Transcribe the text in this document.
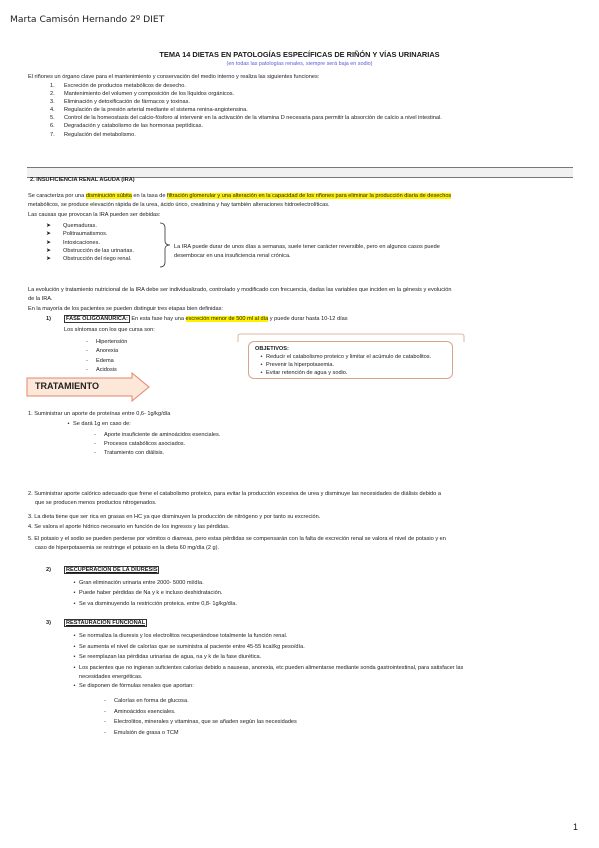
Marta Camisón Hernando 2º DIET
TEMA 14 DIETAS EN PATOLOGÍAS ESPECÍFICAS DE RIÑÓN Y VÍAS URINARIAS
(en todas las patologías renales, siempre será baja en sodio)
El riñones un órgano clave para el mantenimiento y conservación del medio interno y realiza las siguientes funciones:
1. Excreción de productos metabólicos de desecho.
2. Mantenimiento del volumen y composición de los líquidos orgánicos.
3. Eliminación y detoxificación de fármacos y toxinas.
4. Regulación de la presión arterial mediante el sistema renina-angiotensina.
5. Control de la homeostasis del calcio-fósforo al intervenir en la activación de la vitamina D necesaria para permitir la absorción de calcio a nivel intestinal.
6. Degradación y catabolismo de las hormonas peptídicas.
7. Regulación del metabolismo.
2. INSUFICIENCIA RENAL AGUDA (IRA)
Se caracteriza por una disminución súbita en la tasa de filtración glomerular y una alteración en la capacidad de los riñones para eliminar la producción diaria de desechos
metabólicos, se produce elevación rápida de la urea, ácido úrico, creatinina y hay también alteraciones hidroelectrolíticas.
Las causas que provocan la IRA pueden ser debidas:
➤ Quemaduras.
➤ Politraumatismos.
➤ Intoxicaciones.
➤ Obstrucción de las urinarias.
➤ Obstrucción del riego renal.
La IRA puede durar de unos días a semanas, suele tener carácter reversible, pero en algunos casos puede
desembocar en una insuficiencia renal crónica.
La evolución y tratamiento nutricional de la IRA debe ser individualizado, controlado y modificado con frecuencia, dadas las variables que inciden en la génesis y evolución
de la IRA.
En la mayoría de los pacientes se pueden distinguir tres etapas bien definidas:
1)	FASE OLIGOANÚRICA: En esta fase hay una excreción menor de 500 ml al día y puede durar hasta 10-12 días
Los síntomas con los que cursa son:
- Hipertensión
- Anorexia
- Edema
- Acidosis
OBJETIVOS:
• Reducir el catabolismo proteico y limitar el acúmulo de catabolitos.
• Prevenir la hiperpotasemia.
• Evitar retención de agua y sodio.
TRATAMIENTO
1. Suministrar un aporte de proteínas entre 0,6- 1g/kg/día
• Se dará 1g en caso de:
- Aporte insuficiente de aminoácidos esenciales.
- Procesos catabólicos asociados.
- Tratamiento con diálisis.
2. Suministrar aporte calórico adecuado que frene el catabolismo proteico, para evitar la producción excesiva de urea y disminuye las necesidades de diálisis debido a
que se producen menos productos nitrogenados.
3. La dieta tiene que ser rica en grasas en HC ya que disminuyen la producción de nitrógeno y por tanto su excreción.
4. Se valora el aporte hídrico necesario en función de los ingresos y las pérdidas.
5. El potasio y el sodio se pueden perderse por vómitos o diarreas, pero estas pérdidas se compensarán con la falta de excreción renal se valora el nivel de potasio y en
caso de hiperpotasemia se restringe el potasio en la dieta 60 mg/día (2 g).
2)	RECUPERACIÓN DE LA DIURESIS
• Gran eliminación urinaria entre 2000- 5000 ml/día.
• Puede haber pérdidas de Na y k e incluso deshidratación.
• Se va disminuyendo la restricción proteica. entre 0,8- 1g/kg/día.
3)	RESTAURACIÓN FUNCIONAL
• Se normaliza la diuresis y los electrolitos recuperándose totalmente la función renal.
• Se aumenta el nivel de calorías que se suministra al paciente entre 45-55 kcal/kg peso/día.
• Se reemplazan las pérdidas urinarias de agua, na y k de la fase diurética.
• Los pacientes que no ingieran suficientes calorías debido a nauseas, anorexia, etc pueden alimentarse mediante sonda gastrointestinal, para satisfacer las
necesidades energéticas.
• Se disponen de fórmulas renales que aportan:
- Calorías en forma de glucosa.
- Aminoácidos esenciales.
- Electrolitos, minerales y vitaminas, que se añaden según las necesidades
- Emulsión de grasa o TCM
1
